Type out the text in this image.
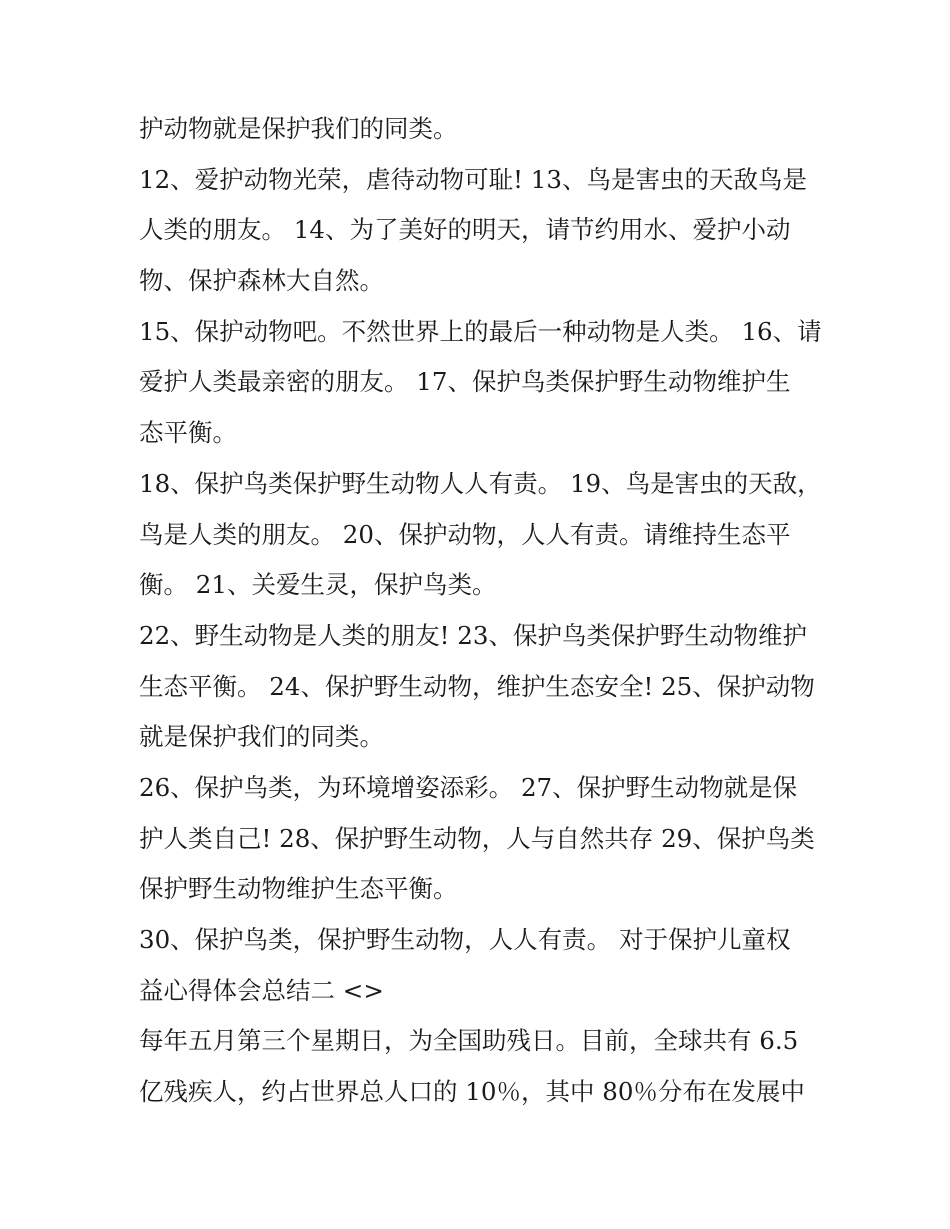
护动物就是保护我们的同类。
12、爱护动物光荣，虐待动物可耻! 13、鸟是害虫的天敌鸟是
人类的朋友。 14、为了美好的明天，请节约用水、爱护小动
物、保护森林大自然。
15、保护动物吧。不然世界上的最后一种动物是人类。 16、请
爱护人类最亲密的朋友。 17、保护鸟类保护野生动物维护生
态平衡。
18、保护鸟类保护野生动物人人有责。 19、鸟是害虫的天敌，
鸟是人类的朋友。 20、保护动物，人人有责。请维持生态平
衡。 21、关爱生灵，保护鸟类。
22、野生动物是人类的朋友! 23、保护鸟类保护野生动物维护
生态平衡。 24、保护野生动物，维护生态安全! 25、保护动物
就是保护我们的同类。
26、保护鸟类，为环境增姿添彩。 27、保护野生动物就是保
护人类自己! 28、保护野生动物，人与自然共存 29、保护鸟类
保护野生动物维护生态平衡。
30、保护鸟类，保护野生动物，人人有责。 对于保护儿童权
益心得体会总结二 <>
每年五月第三个星期日，为全国助残日。目前，全球共有 6.5
亿残疾人，约占世界总人口的 10％，其中 80％分布在发展中
